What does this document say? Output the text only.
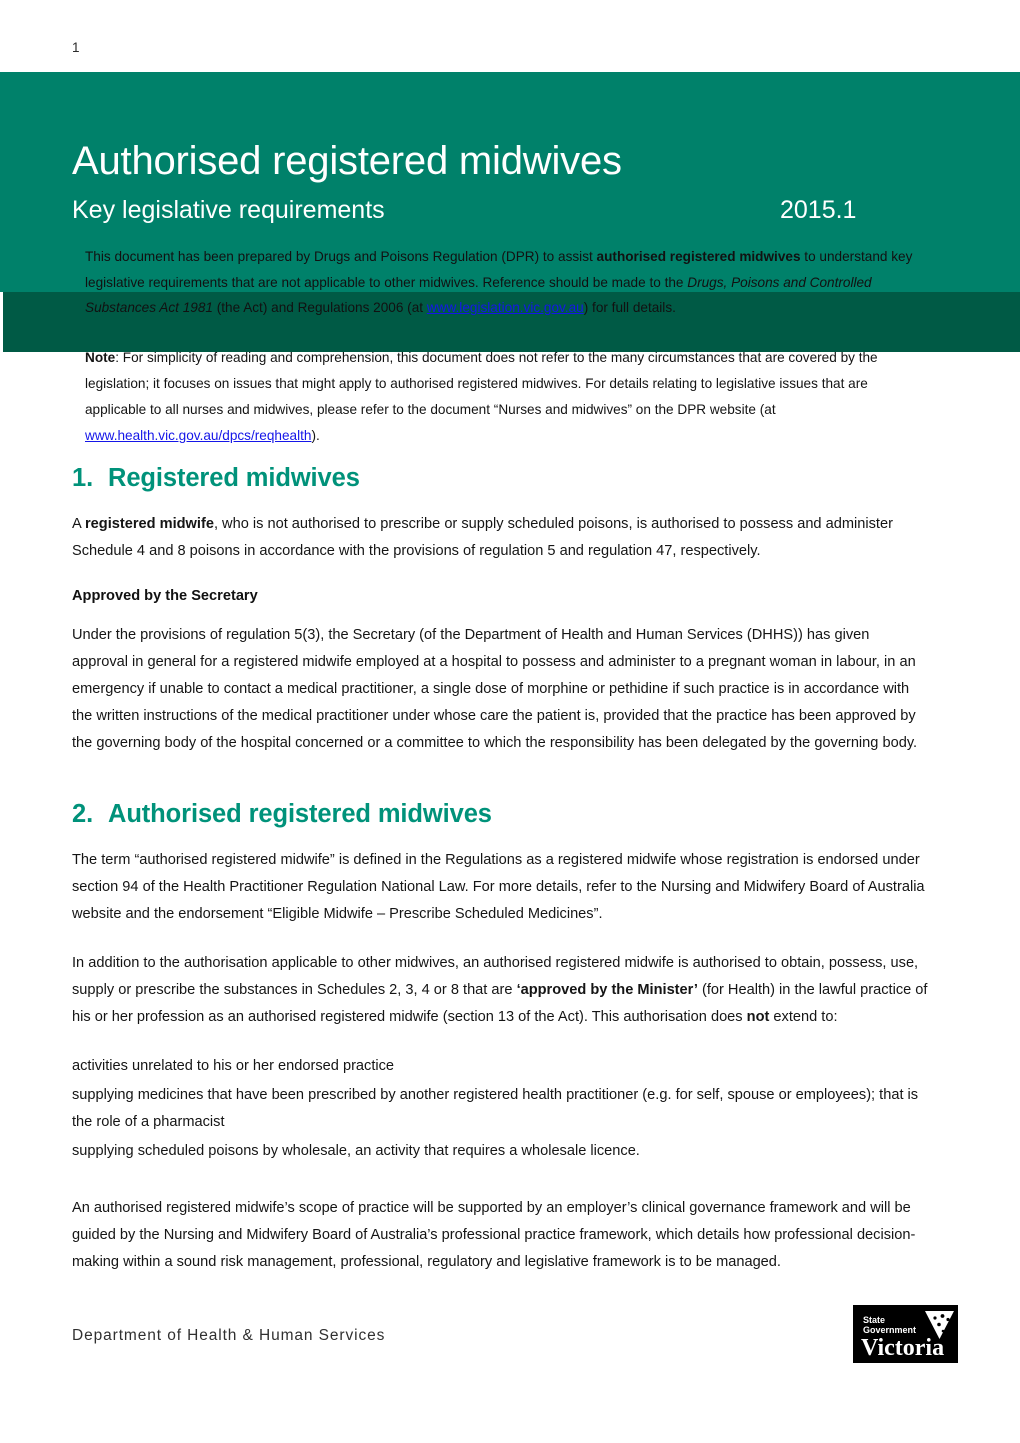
1
Authorised registered midwives
Key legislative requirements	2015.1
This document has been prepared by Drugs and Poisons Regulation (DPR) to assist authorised registered midwives to understand key legislative requirements that are not applicable to other midwives. Reference should be made to the Drugs, Poisons and Controlled Substances Act 1981 (the Act) and Regulations 2006 (at www.legislation.vic.gov.au) for full details.
Note: For simplicity of reading and comprehension, this document does not refer to the many circumstances that are covered by the legislation; it focuses on issues that might apply to authorised registered midwives. For details relating to legislative issues that are applicable to all nurses and midwives, please refer to the document “Nurses and midwives” on the DPR website (at www.health.vic.gov.au/dpcs/reqhealth).
1. Registered midwives

A registered midwife, who is not authorised to prescribe or supply scheduled poisons, is authorised to possess and administer Schedule 4 and 8 poisons in accordance with the provisions of regulation 5 and regulation 47, respectively.

Approved by the Secretary

Under the provisions of regulation 5(3), the Secretary (of the Department of Health and Human Services (DHHS)) has given approval in general for a registered midwife employed at a hospital to possess and administer to a pregnant woman in labour, in an emergency if unable to contact a medical practitioner, a single dose of morphine or pethidine if such practice is in accordance with the written instructions of the medical practitioner under whose care the patient is, provided that the practice has been approved by the governing body of the hospital concerned or a committee to which the responsibility has been delegated by the governing body.

2. Authorised registered midwives

The term “authorised registered midwife” is defined in the Regulations as a registered midwife whose registration is endorsed under section 94 of the Health Practitioner Regulation National Law. For more details, refer to the Nursing and Midwifery Board of Australia website and the endorsement “Eligible Midwife – Prescribe Scheduled Medicines”.

In addition to the authorisation applicable to other midwives, an authorised registered midwife is authorised to obtain, possess, use, supply or prescribe the substances in Schedules 2, 3, 4 or 8 that are ‘approved by the Minister’ (for Health) in the lawful practice of his or her profession as an authorised registered midwife (section 13 of the Act). This authorisation does not extend to:

activities unrelated to his or her endorsed practice

supplying medicines that have been prescribed by another registered health practitioner (e.g. for self, spouse or employees); that is the role of a pharmacist

supplying scheduled poisons by wholesale, an activity that requires a wholesale licence.

An authorised registered midwife’s scope of practice will be supported by an employer’s clinical governance framework and will be guided by the Nursing and Midwifery Board of Australia’s professional practice framework, which details how professional decision-making within a sound risk management, professional, regulatory and legislative framework is to be managed.

Department of Health & Human Services
State
Government
Victoria
